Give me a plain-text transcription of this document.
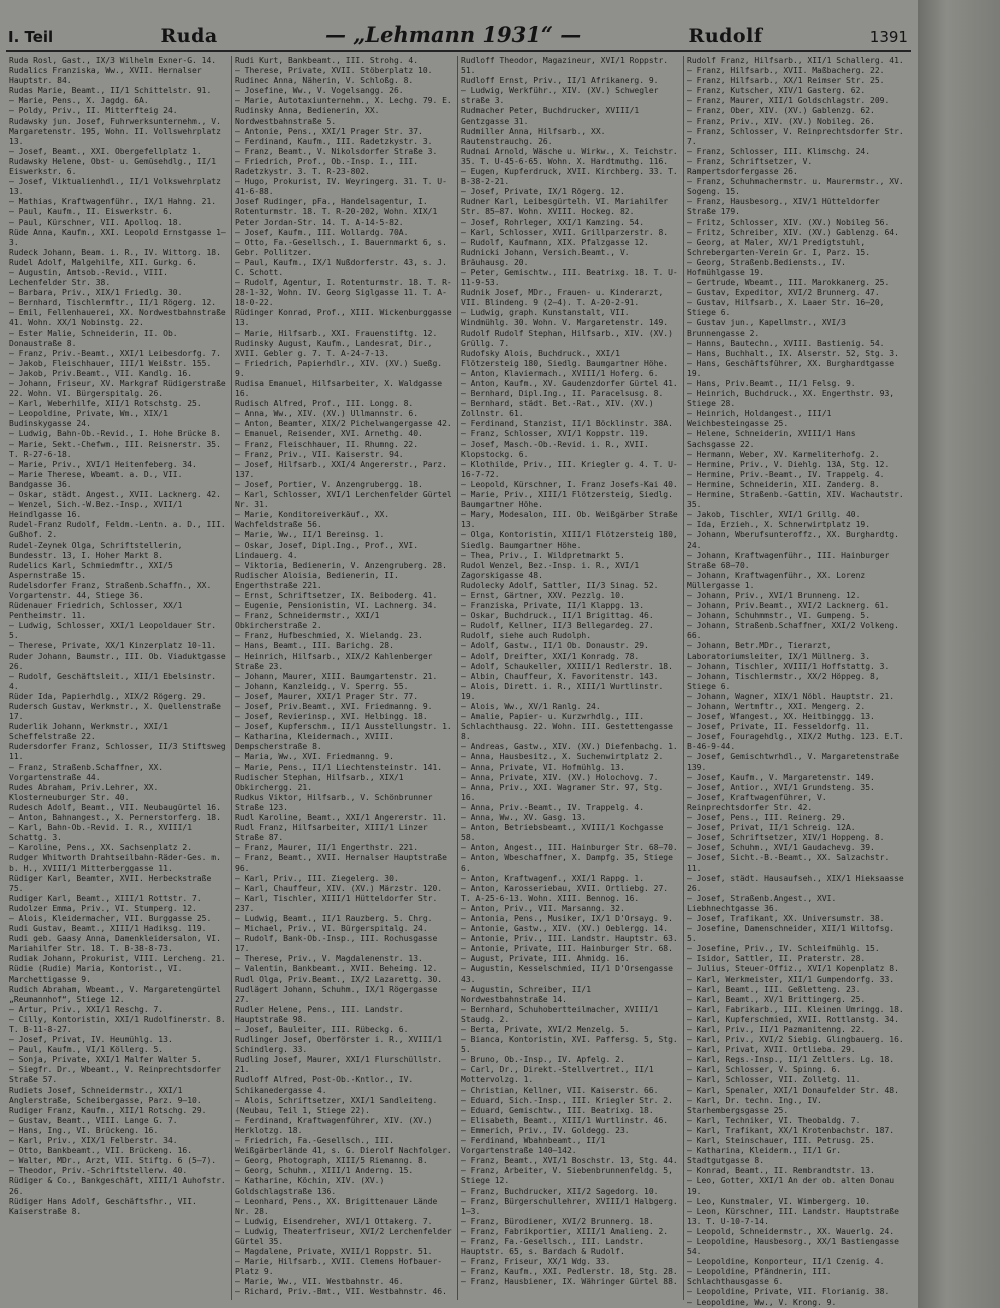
I. Teil	Ruda	— „Lehmann 1931“ —	Rudolf	1391
Ruda Rosl, Gast., IX/3 Wilhelm Exner-G. 14.
Rudalics Franziska, Ww., XVII. Hernalser Hauptstr. 84.
Rudas Marie, Beamt., II/1 Schittelstr. 91.
— Marie, Pens., X. Jagdg. 6A.
— Poldy, Priv., II. Mitterfteig 24.
Rudawsky jun. Josef, Fuhrwerksunternehm., V. Margaretenstr. 195, Wohn. II. Vollswehrplatz 13.
— Josef, Beamt., XXI. Obergefellplatz 1.
Rudawsky Helene, Obst- u. Gemüsehdlg., II/1 Eiswerkstr. 6.
— Josef, Viktualienhdl., II/1 Volkswehrplatz 13.
— Mathias, Kraftwagenführ., IX/1 Hahng. 21.
— Paul, Kaufm., II. Eiswerkstr. 6.
— Paul, Kürschner, VII. Apolloq. 18.
Rüde Anna, Kaufm., XXI. Leopold Ernstgasse 1—3.
Rudeck Johann, Beam. i. R., IV. Wittorg. 18.
Rudel Adolf, Malgehilfe, XII. Gurkg. 6.
— Augustin, Amtsob.-Revid., VIII. Lechenfelder Str. 38.
— Barbara, Priv., XIX/1 Friedlg. 30.
— Bernhard, Tischlermftr., II/1 Rögerg. 12.
— Emil, Fellenhauerei, XX. Nordwestbahnstraße 41. Wohn. XX/1 Nobinstg. 22.
— Ester Malie, Schneiderin, II. Ob. Donaustraße 8.
— Franz, Priv.-Beamt., XXI/1 Leibesdorfg. 7.
— Jakob, Fleischhauer, III/1 Weißstr. 155.
— Jakob, Priv.Beamt., VII. Kandlg. 16.
— Johann, Friseur, XV. Markgraf Rüdigerstraße 22. Wohn. VI. Bürgerspitalg. 26.
— Karl, Weberhilfe, XII/1 Rotschstg. 25.
— Leopoldine, Private, Wm., XIX/1 Budinskygasse 24.
— Ludwig, Bahn-Ob.-Revid., I. Hohe Brücke 8.
— Marie, Sekt.-Chefwm., III. Reisnerstr. 35. T. R-27-6-18.
— Marie, Priv., XVI/1 Heitenfeberg. 34.
— Marie Therese, Wbeamt. a. D., VII. Bandgasse 36.
— Oskar, städt. Angest., XVII. Lacknerg. 42.
— Wenzel, Sich.-W.Bez.-Insp., XVII/1 Heindlgasse 16.
Rudel-Franz Rudolf, Feldm.-Lentn. a. D., III. Gußhof. 2.
Rudel-Zeynek Olga, Schriftstellerin, Bundesstr. 13, I. Hoher Markt 8.
Rudelics Karl, Schmiedmftr., XXI/5 Aspernstraße 15.
Rudelsdorfer Franz, Straßenb.Schaffn., XX. Vorgartenstr. 44, Stiege 36.
Rüdenauer Friedrich, Schlosser, XX/1 Pentheimstr. 11.
— Ludwig, Schlosser, XXI/1 Leopoldauer Str. 5.
— Therese, Private, XX/1 Kinzerplatz 10-11.
Ruder Johann, Baumstr., III. Ob. Viaduktgasse 26.
— Rudolf, Geschäftsleit., XII/1 Ebelsinstr. 4.
Rüder Ida, Papierhdlg., XIX/2 Rögerg. 29.
Rudersch Gustav, Werkmstr., X. Quellenstraße 17.
Ruderlik Johann, Werkmstr., XXI/1 Scheffelstraße 22.
Rudersdorfer Franz, Schlosser, II/3 Stiftsweg 11.
— Franz, Straßenb.Schaffner, XX. Vorgartenstraße 44.
Rudes Abraham, Priv.Lehrer, XX. Klosterneuburger Str. 40.
Rudesch Adolf, Beamt., VII. Neubaugürtel 16.
— Anton, Bahnangest., X. Pernerstorferg. 18.
— Karl, Bahn-Ob.-Revid. I. R., XVIII/1 Schattg. 3.
— Karoline, Pens., XX. Sachsenplatz 2.
Rudger Whitworth Drahtseilbahn-Räder-Ges. m. b. H., XVIII/1 Mitterberggasse 11.
Rüdiger Karl, Beamter, XVII. Herbeckstraße 75.
Rudiger Karl, Beamt., XIII/1 Rottstr. 7.
Rudolzer Emma, Priv., VI. Stumperg. 12.
— Alois, Kleidermacher, VII. Burggasse 25.
Rudi Gustav, Beamt., XIII/1 Hadiksg. 119.
Rudi geb. Gaasy Anna, Damenkleidersalon, VI. Mariahilfer Str. 18. T. B-38-8-73.
Rudiak Johann, Prokurist, VIII. Lercheng. 21.
Rüdie (Rudie) Maria, Kontorist., VI. Marchettigasse 9.
Rudich Abraham, Wbeamt., V. Margaretengürtel „Reumannhof“, Stiege 12.
— Artur, Priv., XXI/1 Reschg. 7.
— Cilly, Kontoristin, XXI/1 Rudolfinerstr. 8. T. B-11-8-27.
— Josef, Privat, IV. Heumühlg. 13.
— Paul, Kaufm., VI/1 Köllerg. 5.
— Sonja, Private, XXI/1 Malfer Walter 5.
— Siegfr. Dr., Wbeamt., V. Reinprechtsdorfer Straße 57.
Rudiets Josef, Schneidermstr., XXI/1 Anglerstraße, Scheibergasse, Parz. 9—10.
Rudiger Franz, Kaufm., XII/1 Rotschg. 29.
— Gustav, Beamt., VIII. Lange G. 7.
— Hans, Ing., VI. Brückeng. 16.
— Karl, Priv., XIX/1 Felberstr. 34.
— Otto, Bankbeamt., VII. Brückeng. 16.
— Walter, MDr., Arzt, VII. Stiftg. 6 (5—7).
— Theodor, Priv.-Schriftstellerw. 40.
Rüdiger & Co., Bankgeschäft, XIII/1 Auhofstr. 26.
Rüdiger Hans Adolf, Geschäftsfhr., VII. Kaiserstraße 8.
Rudi Kurt, Bankbeamt., III. Strohg. 4.
— Therese, Private, XVII. Stöberplatz 10.
Rudinec Anna, Näherin, V. Schloßg. 8.
— Josefine, Ww., V. Vogelsangg. 26.
— Marie, Autotaxiunternehm., X. Lechg. 79. E.
Rudinsky Anna, Bedienerin, XX. Nordwestbahnstraße 5.
— Antonie, Pens., XXI/1 Prager Str. 37.
— Ferdinand, Kaufm., III. Radetzkystr. 3.
— Franz, Beamt., V. Nikolsdorfer Straße 3.
— Friedrich, Prof., Ob.-Insp. I., III. Radetzkystr. 3. T. R-23-802.
— Hugo, Prokurist, IV. Weyringerg. 31. T. U-41-6-88.
Josef Rudinger, pFa., Handelsagentur, I. Rotenturmstr. 18. T. R-20-202, Wohn. XIX/1 Peter Jordan-Str. 14. T. A-14-5-82.
— Josef, Kaufm., III. Wollardg. 70A.
— Otto, Fa.-Gesellsch., I. Bauernmarkt 6, s. Gebr. Pollitzer.
— Paul, Kaufm., IX/1 Nußdorferstr. 43, s. J. C. Schott.
— Rudolf, Agentur, I. Rotenturmstr. 18. T. R-28-1-32, Wohn. IV. Georg Siglgasse 11. T. A-18-0-22.
Rüdinger Konrad, Prof., XIII. Wickenburggasse 13.
— Marie, Hilfsarb., XXI. Frauenstiftg. 12.
Rudinsky August, Kaufm., Landesrat, Dir., XVII. Gebler g. 7. T. A-24-7-13.
— Friedrich, Papierhdlr., XIV. (XV.) Sueßg. 9.
Rudisa Emanuel, Hilfsarbeiter, X. Waldgasse 16.
Rudisch Alfred, Prof., III. Longg. 8.
— Anna, Ww., XIV. (XV.) Ullmannstr. 6.
— Anton, Beamter, XIX/2 Pichelwangergasse 42.
— Emanuel, Reisender, XVI. Arnethg. 40.
— Franz, Fleischhauer, II. Rhumng. 22.
— Franz, Priv., VII. Kaiserstr. 94.
— Josef, Hilfsarb., XXI/4 Angererstr., Parz. 137.
— Josef, Portier, V. Anzengrubergg. 18.
— Karl, Schlosser, XVI/1 Lerchenfelder Gürtel Nr. 31.
— Marie, Konditoreiverkäuf., XX. Wachfeldstraße 56.
— Marie, Ww., II/1 Bereinsg. 1.
— Oskar, Josef, Dipl.Ing., Prof., XVI. Lindauerg. 4.
— Viktoria, Bedienerin, V. Anzengruberg. 28.
Rudischer Aloisia, Bedienerin, II. Engerthstraße 221.
— Ernst, Schriftsetzer, IX. Beiboderg. 41.
— Eugenie, Pensionistin, VI. Lachnerg. 34.
— Franz, Schneidermstr., XXI/1 Obkircherstraße 2.
— Franz, Hufbeschmied, X. Wielandg. 23.
— Hans, Beamt., III. Barichg. 28.
— Heinrich, Hilfsarb., XIX/2 Kahlenberger Straße 23.
— Johann, Maurer, XIII. Baumgartenstr. 21.
— Johann, Kanzleidg., V. Sperrg. 55.
— Josef, Maurer, XXI/1 Prager Str. 77.
— Josef, Priv.Beamt., XVI. Friedmanng. 9.
— Josef, Revierinsp., XVI. Helbingg. 18.
— Josef, Kupferschm., II/1 Ausstellungstr. 1.
— Katharina, Kleidermach., XVIII. Dempscherstraße 8.
— Maria, Ww., XVI. Friedmanng. 9.
— Marie, Pens., II/1 Liechtensteinstr. 141.
Rudischer Stephan, Hilfsarb., XIX/1 Obkirchergg. 21.
Rudkus Viktor, Hilfsarb., V. Schönbrunner Straße 123.
Rudl Karoline, Beamt., XXI/1 Angererstr. 11.
Rudl Franz, Hilfsarbeiter, XIII/1 Linzer Straße 87.
— Franz, Maurer, II/1 Engerthstr. 221.
— Franz, Beamt., XVII. Hernalser Hauptstraße 96.
— Karl, Priv., III. Ziegelerg. 30.
— Karl, Chauffeur, XIV. (XV.) Märzstr. 120.
— Karl, Tischler, XIII/1 Hütteldorfer Str. 237.
— Ludwig, Beamt., II/1 Rauzberg. 5. Chrg.
— Michael, Priv., VI. Bürgerspitalg. 24.
— Rudolf, Bank-Ob.-Insp., III. Rochusgasse 17.
— Therese, Priv., V. Magdalenenstr. 13.
— Valentin, Bankbeamt., XVII. Beheimg. 12.
Rudl Olga, Priv.Beamt., IX/2 Lazarettg. 30.
Rudlägert Johann, Schuhm., IX/1 Rögergasse 27.
Rudler Helene, Pens., III. Landstr. Hauptstraße 98.
— Josef, Bauleiter, III. Rübeckg. 6.
Rudlinger Josef, Oberförster i. R., XVIII/1 Schindlerg. 33.
Rudling Josef, Maurer, XXI/1 Flurschüllstr. 21.
Rudloff Alfred, Post-Ob.-Kntlor., IV. Schikanedergasse 4.
— Alois, Schriftsetzer, XXI/1 Sandleiteng. (Neubau, Teil 1, Stiege 22).
— Ferdinand, Kraftwagenführer, XIV. (XV.) Herklotzg. 18.
— Friedrich, Fa.-Gesellsch., III. Weißgärberlände 41, s. G. Dierolf Nachfolger.
— Georg, Photograph, XIII/5 Riemanng. 8.
— Georg, Schuhm., XIII/1 Anderng. 15.
— Katharine, Köchin, XIV. (XV.) Goldschlagstraße 136.
— Leonhard, Pens., XX. Brigittenauer Lände Nr. 28.
— Ludwig, Eisendreher, XVI/1 Ottakerg. 7.
— Ludwig, Theaterfriseur, XVI/2 Lerchenfelder Gürtel 35.
— Magdalene, Private, XVII/1 Roppstr. 51.
— Marie, Hilfsarb., XVII. Clemens Hofbauer-Platz 9.
— Marie, Ww., VII. Westbahnstr. 46.
— Richard, Priv.-Bmt., VII. Westbahnstr. 46.
Rudloff Theodor, Magazineur, XVI/1 Roppstr. 51.
Rudloff Ernst, Priv., II/1 Afrikanerg. 9.
— Ludwig, Werkführ., XIV. (XV.) Schwegler straße 3.
Rudmacher Peter, Buchdrucker, XVIII/1 Gentzgasse 31.
Rudmiller Anna, Hilfsarb., XX. Rautenstrauchg. 26.
Rudnai Arnold, Wäsche u. Wirkw., X. Teichstr. 35. T. U-45-6-65. Wohn. X. Hardtmuthg. 116.
— Eugen, Kupferdruck, XVII. Kirchberg. 33. T. B-38-2-21.
— Josef, Private, IX/1 Rögerg. 12.
Rudner Karl, Leibesgürtelh. VI. Mariahilfer Str. 85—87. Wohn. XVIII. Hockeg. 82.
— Josef, Rohrleger, XXI/1 Kamzing. 54.
— Karl, Schlosser, XVII. Grillparzerstr. 8.
— Rudolf, Kaufmann, XIX. Pfalzgasse 12.
Rudnicki Johann, Versich.Beamt., V. Bräuhausg. 20.
— Peter, Gemischtw., III. Beatrixg. 18. T. U-11-9-53.
Rudnik Josef, MDr., Frauen- u. Kinderarzt, VII. Blindeng. 9 (2—4). T. A-20-2-91.
— Ludwig, graph. Kunstanstalt, VII. Windmühlg. 30. Wohn. V. Margaretenstr. 149.
Rudolf Rudolf Stephan, Hilfsarb., XIV. (XV.) Grüllg. 7.
Rudofsky Alois, Buchdruck., XXI/1 Flötzersteig 180, Siedlg. Baumgartner Höhe.
— Anton, Klaviermach., XVIII/1 Hoferg. 6.
— Anton, Kaufm., XV. Gaudenzdorfer Gürtel 41.
— Bernhard, Dipl.Ing., II. Paracelsusg. 8.
— Bernhard, städt. Bet.-Rat., XIV. (XV.) Zollnstr. 61.
— Ferdinand, Stanzist, II/1 Böcklinstr. 38A.
— Franz, Schlosser, XVI/1 Koppstr. 119.
— Josef, Masch.-Ob.-Revid. i. R., XVII. Klopstockg. 6.
— Klothilde, Priv., III. Kriegler g. 4. T. U-16-7-72.
— Leopold, Kürschner, I. Franz Josefs-Kai 40.
— Marie, Priv., XIII/1 Flötzersteig, Siedlg. Baumgartner Höhe.
— Mary, Modesalon, III. Ob. Weißgärber Straße 13.
— Olga, Kontoristin, XIII/1 Flötzersteig 180, Siedlg. Baumgartner Höhe.
— Thea, Priv., I. Wildpretmarkt 5.
Rudol Wenzel, Bez.-Insp. i. R., XVI/1 Zagorskigasse 48.
Rudolecky Adolf, Sattler, II/3 Sinag. 52.
— Ernst, Gärtner, XXV. Pezzlg. 10.
— Franziska, Private, II/1 Klappg. 13.
— Oskar, Buchdruck., II/1 Brigittag. 46.
— Rudolf, Kellner, II/3 Bellegardeg. 27.
Rudolf, siehe auch Rudolph.
— Adolf, Gastw., II/1 Ob. Donaustr. 29.
— Adolf, Dreifter, XXI/1 Konradg. 78.
— Adolf, Schaukeller, XXIII/1 Redlerstr. 18.
— Albin, Chauffeur, X. Favoritenstr. 143.
— Alois, Dirett. i. R., XIII/1 Wurtlinstr. 19.
— Alois, Ww., XV/1 Ranlg. 24.
— Amalie, Papier- u. Kurzwrhdlg., III. Schlachthausg. 22. Wohn. III. Gestettengasse 8.
— Andreas, Gastw., XIV. (XV.) Diefenbachg. 1.
— Anna, Hausbesitz., X. Suchenwirtplatz 2.
— Anna, Private, VI. Hofmühlg. 13.
— Anna, Private, XIV. (XV.) Holochovg. 7.
— Anna, Priv., XXI. Wagramer Str. 97, Stg. 16.
— Anna, Priv.-Beamt., IV. Trappelg. 4.
— Anna, Ww., XV. Gasg. 13.
— Anton, Betriebsbeamt., XVIII/1 Kochgasse 58.
— Anton, Angest., III. Hainburger Str. 68—70.
— Anton, Wbeschaffner, X. Dampfg. 35, Stiege 6.
— Anton, Kraftwagenf., XXI/1 Rappg. 1.
— Anton, Karosseriebau, XVII. Ortliebg. 27. T. A-25-6-13. Wohn. XIII. Bennog. 16.
— Anton, Priv., VII. Marsanng. 32.
— Antonia, Pens., Musiker, IX/1 D'Orsayg. 9.
— Antonie, Gastw., XIV. (XV.) Oeblergg. 14.
— Antonie, Priv., III. Landstr. Hauptstr. 63.
— Antonie, Private, III. Hainburger Str. 68.
— August, Private, III. Ahmidg. 16.
— Augustin, Kesselschmied, II/1 D'Orsengasse 43.
— Augustin, Schreiber, II/1 Nordwestbahnstraße 14.
— Bernhard, Schuhobertteilmacher, XVIII/1 Staudg. 2.
— Berta, Private, XVI/2 Menzelg. 5.
— Bianca, Kontoristin, XVI. Paffersg. 5, Stg. 5.
— Bruno, Ob.-Insp., IV. Apfelg. 2.
— Carl, Dr., Direkt.-Stellvertret., II/1 Mottervolzg. 1.
— Christian, Kellner, VII. Kaiserstr. 66.
— Eduard, Sich.-Insp., III. Kriegler Str. 2.
— Eduard, Gemischtw., III. Beatrixg. 18.
— Elisabeth, Beamt., XIII/1 Wurtlinstr. 46.
— Emmerich, Priv., IV. Goldegg. 23.
— Ferdinand, Wbahnbeamt., II/1 Vorgartenstraße 140—142.
— Franz, Beamt., XVI/1 Boschstr. 13, Stg. 44.
— Franz, Arbeiter, V. Siebenbrunnenfeldg. 5, Stiege 12.
— Franz, Buchdrucker, XII/2 Sagedorg. 10.
— Franz, Bürgerschullehrer, XVIII/1 Halbgerg. 1—3.
— Franz, Bürodiener, XVI/2 Brunnerg. 18.
— Franz, Fabrikportier, XIII/1 Amalieng. 2.
— Franz, Fa.-Gesellsch., III. Landstr. Hauptstr. 65, s. Bardach & Rudolf.
— Franz, Friseur, XX/1 Wdg. 33.
— Franz, Kaufm., XXI. Pedlerstr. 18, Stg. 28.
— Franz, Hausbiener, IX. Währinger Gürtel 88.
Rudolf Franz, Hilfsarb., XII/1 Schallerg. 41.
— Franz, Hilfsarb., XVII. Maßbacherg. 22.
— Franz, Hilfsarb., XX/1 Reimser Str. 25.
— Franz, Kutscher, XIV/1 Gasterg. 62.
— Franz, Maurer, XII/1 Goldschlagstr. 209.
— Franz, Ober, XIV. (XV.) Gablenzg. 62.
— Franz, Priv., XIV. (XV.) Nobileg. 26.
— Franz, Schlosser, V. Reinprechtsdorfer Str. 7.
— Franz, Schlosser, III. Klimschg. 24.
— Franz, Schriftsetzer, V. Rampertsdorfergasse 26.
— Franz, Schuhmachermstr. u. Maurermstr., XV. Sogeng. 15.
— Franz, Hausbesorg., XIV/1 Hütteldorfer Straße 179.
— Fritz, Schlosser, XIV. (XV.) Nobileg 56.
— Fritz, Schreiber, XIV. (XV.) Gablenzg. 64.
— Georg, at Maler, XV/1 Predigtstuhl, Schrebergarten-Verein Gr. I, Parz. 15.
— Georg, Straßenb.Bediensts., IV. Hofmühlgasse 19.
— Gertrude, Wbeamt., III. Marokkanerg. 25.
— Gustav, Expeditor, XVI/2 Brunnerg. 47.
— Gustav, Hilfsarb., X. Laaer Str. 16—20, Stiege 6.
— Gustav jun., Kapellmstr., XVI/3 Brunnengasse 2.
— Hanns, Bautechn., XVIII. Bastienig. 54.
— Hans, Buchhalt., IX. Alserstr. 52, Stg. 3.
— Hans, Geschäftsführer, XX. Burghardtgasse 19.
— Hans, Priv.Beamt., II/1 Felsg. 9.
— Heinrich, Buchdruck., XX. Engerthstr. 93, Stiege 28.
— Heinrich, Holdangest., III/1 Weichbesteingasse 25.
— Helene, Schneiderin, XVIII/1 Hans Sachsgasse 22.
— Hermann, Weber, XV. Karmeliterhofg. 2.
— Hermine, Priv., V. Diehlg. 13A, Stg. 12.
— Hermine, Priv.-Beamt., IV. Trappelg. 4.
— Hermine, Schneiderin, XII. Zanderg. 8.
— Hermine, Straßenb.-Gattin, XIV. Wachautstr. 35.
— Jakob, Tischler, XVI/1 Grillg. 40.
— Ida, Erzieh., X. Schnerwirtplatz 19.
— Johann, Wberufsunteroffz., XX. Burghardtg. 24.
— Johann, Kraftwagenführ., III. Hainburger Straße 68—70.
— Johann, Kraftwagenführ., XX. Lorenz Müllergasse 1.
— Johann, Priv., XVI/1 Brunneng. 12.
— Johann, Priv.Beamt., XVI/2 Lacknerg. 61.
— Johann, Schuhmmstr., VI. Gumpeng. 5.
— Johann, Straßenb.Schaffner, XXI/2 Volkeng. 66.
— Johann, Betr.MDr., Tierarzt, Laboratoriumsleiter, IX/1 Müllnerg. 3.
— Johann, Tischler, XVIII/1 Hoffstattg. 3.
— Johann, Tischlermstr., XX/2 Höppeg. 8, Stiege 6.
— Johann, Wagner, XIX/1 Nöbl. Hauptstr. 21.
— Johann, Wertmftr., XXI. Mengerg. 2.
— Josef, Wfangest., XX. Heitbinggg. 13.
— Josef, Private, II. Fesseldorfg. 11.
— Josef, Fouragehdlg., XIX/2 Muthg. 123. E.T. B-46-9-44.
— Josef, Gemischtwrhdl., V. Margaretenstraße 139.
— Josef, Kaufm., V. Margaretenstr. 149.
— Josef, Antior., XVI/1 Grundsteng. 35.
— Josef, Kraftwagenführer, V. Reinprechtsdorfer Str. 42.
— Josef, Pens., III. Reinerg. 29.
— Josef, Privat, II/1 Schreig. 12A.
— Josef, Schriftsetzer, XIV/1 Hoppeng. 8.
— Josef, Schuhm., XVI/1 Gaudachevg. 39.
— Josef, Sicht.-B.-Beamt., XX. Salzachstr. 11.
— Josef, städt. Hausaufseh., XIX/1 Hieksaasse 26.
— Josef, Straßenb.Angest., XVI. Liebhnechtgasse 36.
— Josef, Trafikant, XX. Universumstr. 38.
— Josefine, Damenschneider, XII/1 Wiltofsg. 5.
— Josefine, Priv., IV. Schleifmühlg. 15.
— Isidor, Sattler, II. Praterstr. 28.
— Julius, Steuer-Offiz., XVI/1 Kopenplatz 8.
— Karl, Werkmeister, XII/1 Gumpendorfg. 33.
— Karl, Beamt., III. Geßletteng. 23.
— Karl, Beamt., XV/1 Brittingerg. 25.
— Karl, Fabrikarb., III. Kleinen Umringg. 18.
— Karl, Kupferschmied, XVII. Rottlanstg. 34.
— Karl, Priv., II/1 Pazmanitenng. 22.
— Karl, Priv., XVI/2 Siebig. Glingbauerg. 16.
— Karl, Privat, XVII. Ortlieba. 29.
— Karl, Regs.-Insp., II/1 Zeltlers. Lg. 18.
— Karl, Schlosser, V. Spinng. 6.
— Karl, Schlosser, VII. Zolletg. 11.
— Karl, Spenaler, XXI/1 Donaufelder Str. 48.
— Karl, Dr. techn. Ing., IV. Starhembergsgasse 25.
— Karl, Techniker, VI. Theobaldg. 7.
— Karl, Trafikant, XX/1 Krotenbachstr. 187.
— Karl, Steinschauer, III. Petrusg. 25.
— Katharina, Kleiderm., II/1 Gr. Stadtgutgasse 8.
— Konrad, Beamt., II. Rembrandtstr. 13.
— Leo, Gotter, XXI/1 An der ob. alten Donau 19.
— Leo, Kunstmaler, VI. Wimbergerg. 10.
— Leon, Kürschner, III. Landstr. Hauptstraße 13. T. U-10-7-14.
— Leopold, Schneidermstr., XX. Wauerlg. 24.
— Leopoldine, Hausbesorg., XX/1 Bastiengasse 54.
— Leopoldine, Konporteur, II/1 Czenig. 4.
— Leopoldine, Pfändnerin, III. Schlachthausgasse 6.
— Leopoldine, Private, VII. Florianig. 38.
— Leopoldine, Ww., V. Krong. 9.
